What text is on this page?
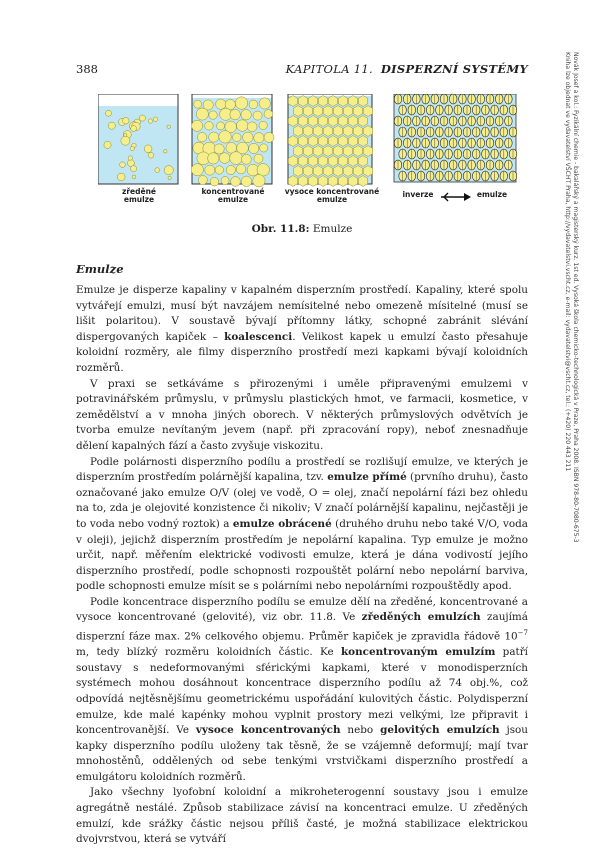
388	KAPITOLA 11. DISPERZNÍ SYSTÉMY	Novák Josef a kol.: Fyzikální chemie - bakalářský a magisterský kurz. 1st ed. Vysoká škola chemicko-technologická v Praze, Praha 2008. ISBN 978-80-7080-675-3
Kniha lze objednat ve vydavatelství VŠCHT Praha, http://vydavatelstvi.vscht.cz, e-mail: vydavatelstvi@vscht.cz, tel.: (+420) 220 443 211
zředěné
emulze
koncentrované
emulze
vysoce koncentrované
emulze
inverze	emulze
Obr. 11.8: Emulze
Emulze

Emulze je disperze kapaliny v kapalném disperzním prostředí. Kapaliny, které spolu vytvářejí emulzi, musí být navzájem nemísitelné nebo omezeně mísitelné (musí se lišit polaritou). V soustavě bývají přítomny látky, schopné zabránit slévání dispergovaných kapiček – koalescenci. Velikost kapek u emulzí často přesahuje koloidní rozměry, ale filmy disperzního prostředí mezi kapkami bývají koloidních rozměrů.

V praxi se setkáváme s přirozenými i uměle připravenými emulzemi v potravinářském průmyslu, v průmyslu plastických hmot, ve farmacii, kosmetice, v zemědělství a v mnoha jiných oborech. V některých průmyslových odvětvích je tvorba emulze nevítaným jevem (např. při zpracování ropy), neboť znesnadňuje dělení kapalných fází a často zvyšuje viskozitu.

Podle polárnosti disperzního podílu a prostředí se rozlišují emulze, ve kterých je disperzním prostředím polárnější kapalina, tzv. emulze přímé (prvního druhu), často označované jako emulze O/V (olej ve vodě, O = olej, značí nepolární fázi bez ohledu na to, zda je olejovité konzistence či nikoliv; V značí polárnější kapalinu, nejčastěji je to voda nebo vodný roztok) a emulze obrácené (druhého druhu nebo také V/O, voda v oleji), jejichž disperzním prostředím je nepolární kapalina. Typ emulze je možno určit, např. měřením elektrické vodivosti emulze, která je dána vodivostí jejího disperzního prostředí, podle schopnosti rozpouštět polární nebo nepolární barviva, podle schopnosti emulze mísit se s polárními nebo nepolárními rozpouštědly apod.

Podle koncentrace disperzního podílu se emulze dělí na zředěné, koncentrované a vysoce koncentrované (gelovité), viz obr. 11.8. Ve zředěných emulzích zaujímá disperzní fáze max. 2% celkového objemu. Průměr kapiček je zpravidla řádově $10^{-7}$ m, tedy blízký rozměru koloidních částic. Ke koncentrovaným emulzím patří soustavy s nedeformovanými sférickými kapkami, které v monodisperzních systémech mohou dosáhnout koncentrace disperzního podílu až 74 obj.%, což odpovídá nejtěsnějšímu geometrickému uspořádání kulovitých částic. Polydisperzní emulze, kde malé kapénky mohou vyplnit prostory mezi velkými, lze připravit i koncentrovanější. Ve vysoce koncentrovaných nebo gelovitých emulzích jsou kapky disperzního podílu uloženy tak těsně, že se vzájemně deformují; mají tvar mnohostěnů, oddělených od sebe tenkými vrstvičkami disperzního prostředí a emulgátoru koloidních rozměrů.

Jako všechny lyofobní koloidní a mikroheterogenní soustavy jsou i emulze agregátně nestálé. Způsob stabilizace závisí na koncentraci emulze. U zředěných emulzí, kde srážky částic nejsou příliš časté, je možná stabilizace elektrickou dvojvrstvou, která se vytváří
